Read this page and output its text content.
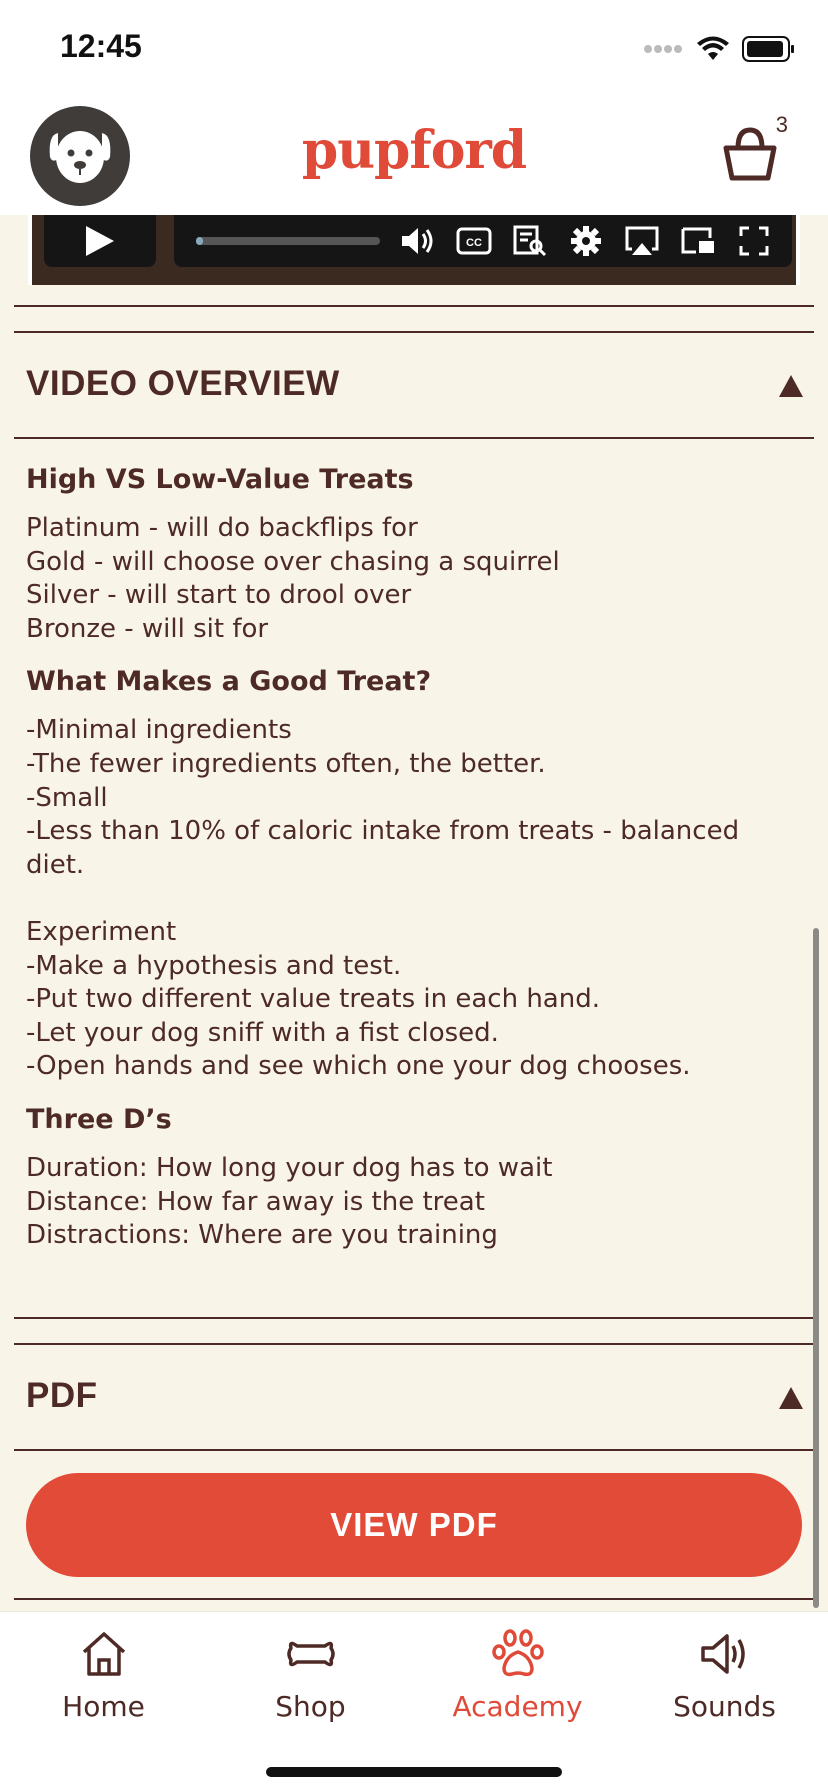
12:45
pupford	3
CC
VIDEO OVERVIEW
High VS Low-Value Treats
Platinum - will do backflips for
Gold - will choose over chasing a squirrel
Silver - will start to drool over
Bronze - will sit for
What Makes a Good Treat?
-Minimal ingredients
-The fewer ingredients often, the better.
-Small
-Less than 10% of caloric intake from treats - balanced diet.
Experiment
-Make a hypothesis and test.
-Put two different value treats in each hand.
-Let your dog sniff with a fist closed.
-Open hands and see which one your dog chooses.
Three D’s
Duration: How long your dog has to wait
Distance: How far away is the treat
Distractions: Where are you training
PDF
VIEW PDF
Home	Shop	Academy	Sounds
